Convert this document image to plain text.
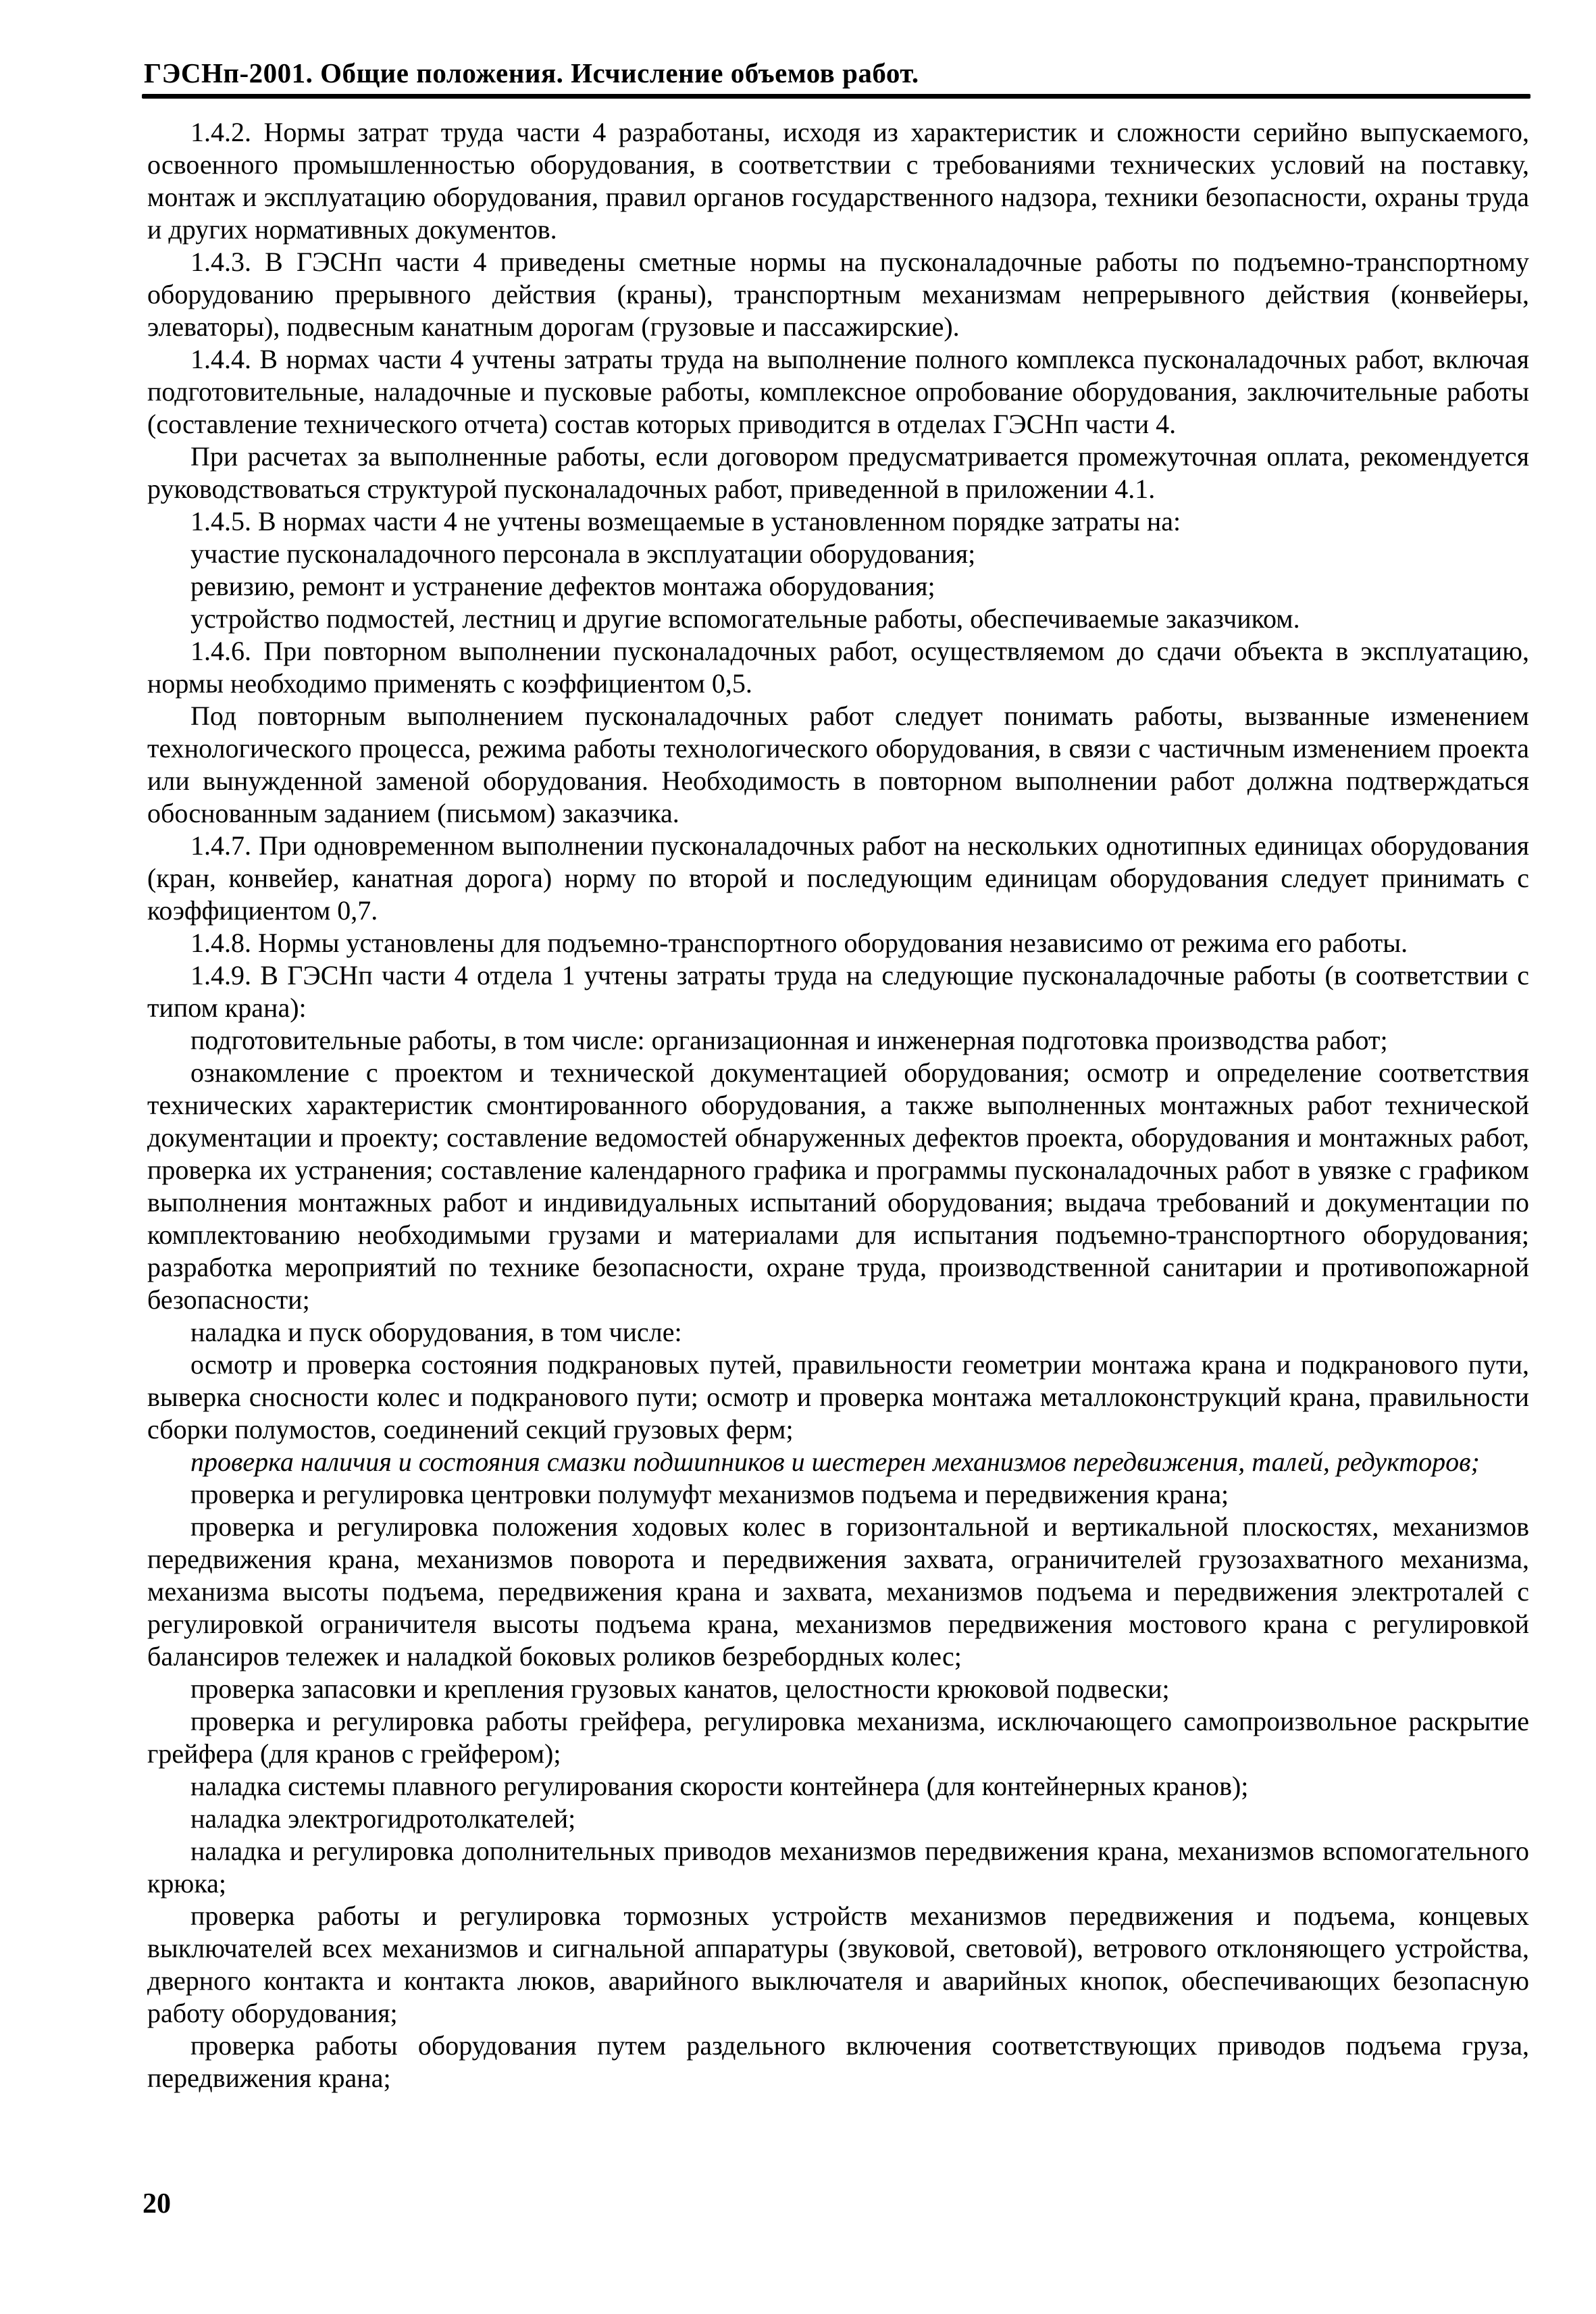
ГЭСНп-2001. Общие положения. Исчисление объемов работ.

1.4.2. Нормы затрат труда части 4 разработаны, исходя из характеристик и сложности серийно выпускаемого, освоенного промышленностью оборудования, в соответствии с требованиями технических условий на поставку, монтаж и эксплуатацию оборудования, правил органов государственного надзора, техники безопасности, охраны труда и других нормативных документов.

1.4.3. В ГЭСНп части 4 приведены сметные нормы на пусконаладочные работы по подъемно-транспортному оборудованию прерывного действия (краны), транспортным механизмам непрерывного действия (конвейеры, элеваторы), подвесным канатным дорогам (грузовые и пассажирские).

1.4.4. В нормах части 4 учтены затраты труда на выполнение полного комплекса пусконаладочных работ, включая подготовительные, наладочные и пусковые работы, комплексное опробование оборудования, заключительные работы (составление технического отчета) состав которых приводится в отделах ГЭСНп части 4.

При расчетах за выполненные работы, если договором предусматривается промежуточная оплата, рекомендуется руководствоваться структурой пусконаладочных работ, приведенной в приложении 4.1.

1.4.5. В нормах части 4 не учтены возмещаемые в установленном порядке затраты на:

участие пусконаладочного персонала в эксплуатации оборудования;

ревизию, ремонт и устранение дефектов монтажа оборудования;

устройство подмостей, лестниц и другие вспомогательные работы, обеспечиваемые заказчиком.

1.4.6. При повторном выполнении пусконаладочных работ, осуществляемом до сдачи объекта в эксплуатацию, нормы необходимо применять с коэффициентом 0,5.

Под повторным выполнением пусконаладочных работ следует понимать работы, вызванные изменением технологического процесса, режима работы технологического оборудования, в связи с частичным изменением проекта или вынужденной заменой оборудования. Необходимость в повторном выполнении работ должна подтверждаться обоснованным заданием (письмом) заказчика.

1.4.7. При одновременном выполнении пусконаладочных работ на нескольких однотипных единицах оборудования (кран, конвейер, канатная дорога) норму по второй и последующим единицам оборудования следует принимать с коэффициентом 0,7.

1.4.8. Нормы установлены для подъемно-транспортного оборудования независимо от режима его работы.

1.4.9. В ГЭСНп части 4 отдела 1 учтены затраты труда на следующие пусконаладочные работы (в соответствии с типом крана):

подготовительные работы, в том числе: организационная и инженерная подготовка производства работ;

ознакомление с проектом и технической документацией оборудования; осмотр и определение соответствия технических характеристик смонтированного оборудования, а также выполненных монтажных работ технической документации и проекту; составление ведомостей обнаруженных дефектов проекта, оборудования и монтажных работ, проверка их устранения; составление календарного графика и программы пусконаладочных работ в увязке с графиком выполнения монтажных работ и индивидуальных испытаний оборудования; выдача требований и документации по комплектованию необходимыми грузами и материалами для испытания подъемно-транспортного оборудования; разработка мероприятий по технике безопасности, охране труда, производственной санитарии и противопожарной безопасности;

наладка и пуск оборудования, в том числе:

осмотр и проверка состояния подкрановых путей, правильности геометрии монтажа крана и подкранового пути, выверка сносности колес и подкранового пути; осмотр и проверка монтажа металлоконструкций крана, правильности сборки полумостов, соединений секций грузовых ферм;

проверка наличия и состояния смазки подшипников и шестерен механизмов передвижения, талей, редукторов;

проверка и регулировка центровки полумуфт механизмов подъема и передвижения крана;

проверка и регулировка положения ходовых колес в горизонтальной и вертикальной плоскостях, механизмов передвижения крана, механизмов поворота и передвижения захвата, ограничителей грузозахватного механизма, механизма высоты подъема, передвижения крана и захвата, механизмов подъема и передвижения электроталей с регулировкой ограничителя высоты подъема крана, механизмов передвижения мостового крана с регулировкой балансиров тележек и наладкой боковых роликов безребордных колес;

проверка запасовки и крепления грузовых канатов, целостности крюковой подвески;

проверка и регулировка работы грейфера, регулировка механизма, исключающего самопроизвольное раскрытие грейфера (для кранов с грейфером);

наладка системы плавного регулирования скорости контейнера (для контейнерных кранов);

наладка электрогидротолкателей;

наладка и регулировка дополнительных приводов механизмов передвижения крана, механизмов вспомогательного крюка;

проверка работы и регулировка тормозных устройств механизмов передвижения и подъема, концевых выключателей всех механизмов и сигнальной аппаратуры (звуковой, световой), ветрового отклоняющего устройства, дверного контакта и контакта люков, аварийного выключателя и аварийных кнопок, обеспечивающих безопасную работу оборудования;

проверка работы оборудования путем раздельного включения соответствующих приводов подъема груза, передвижения крана;

20
